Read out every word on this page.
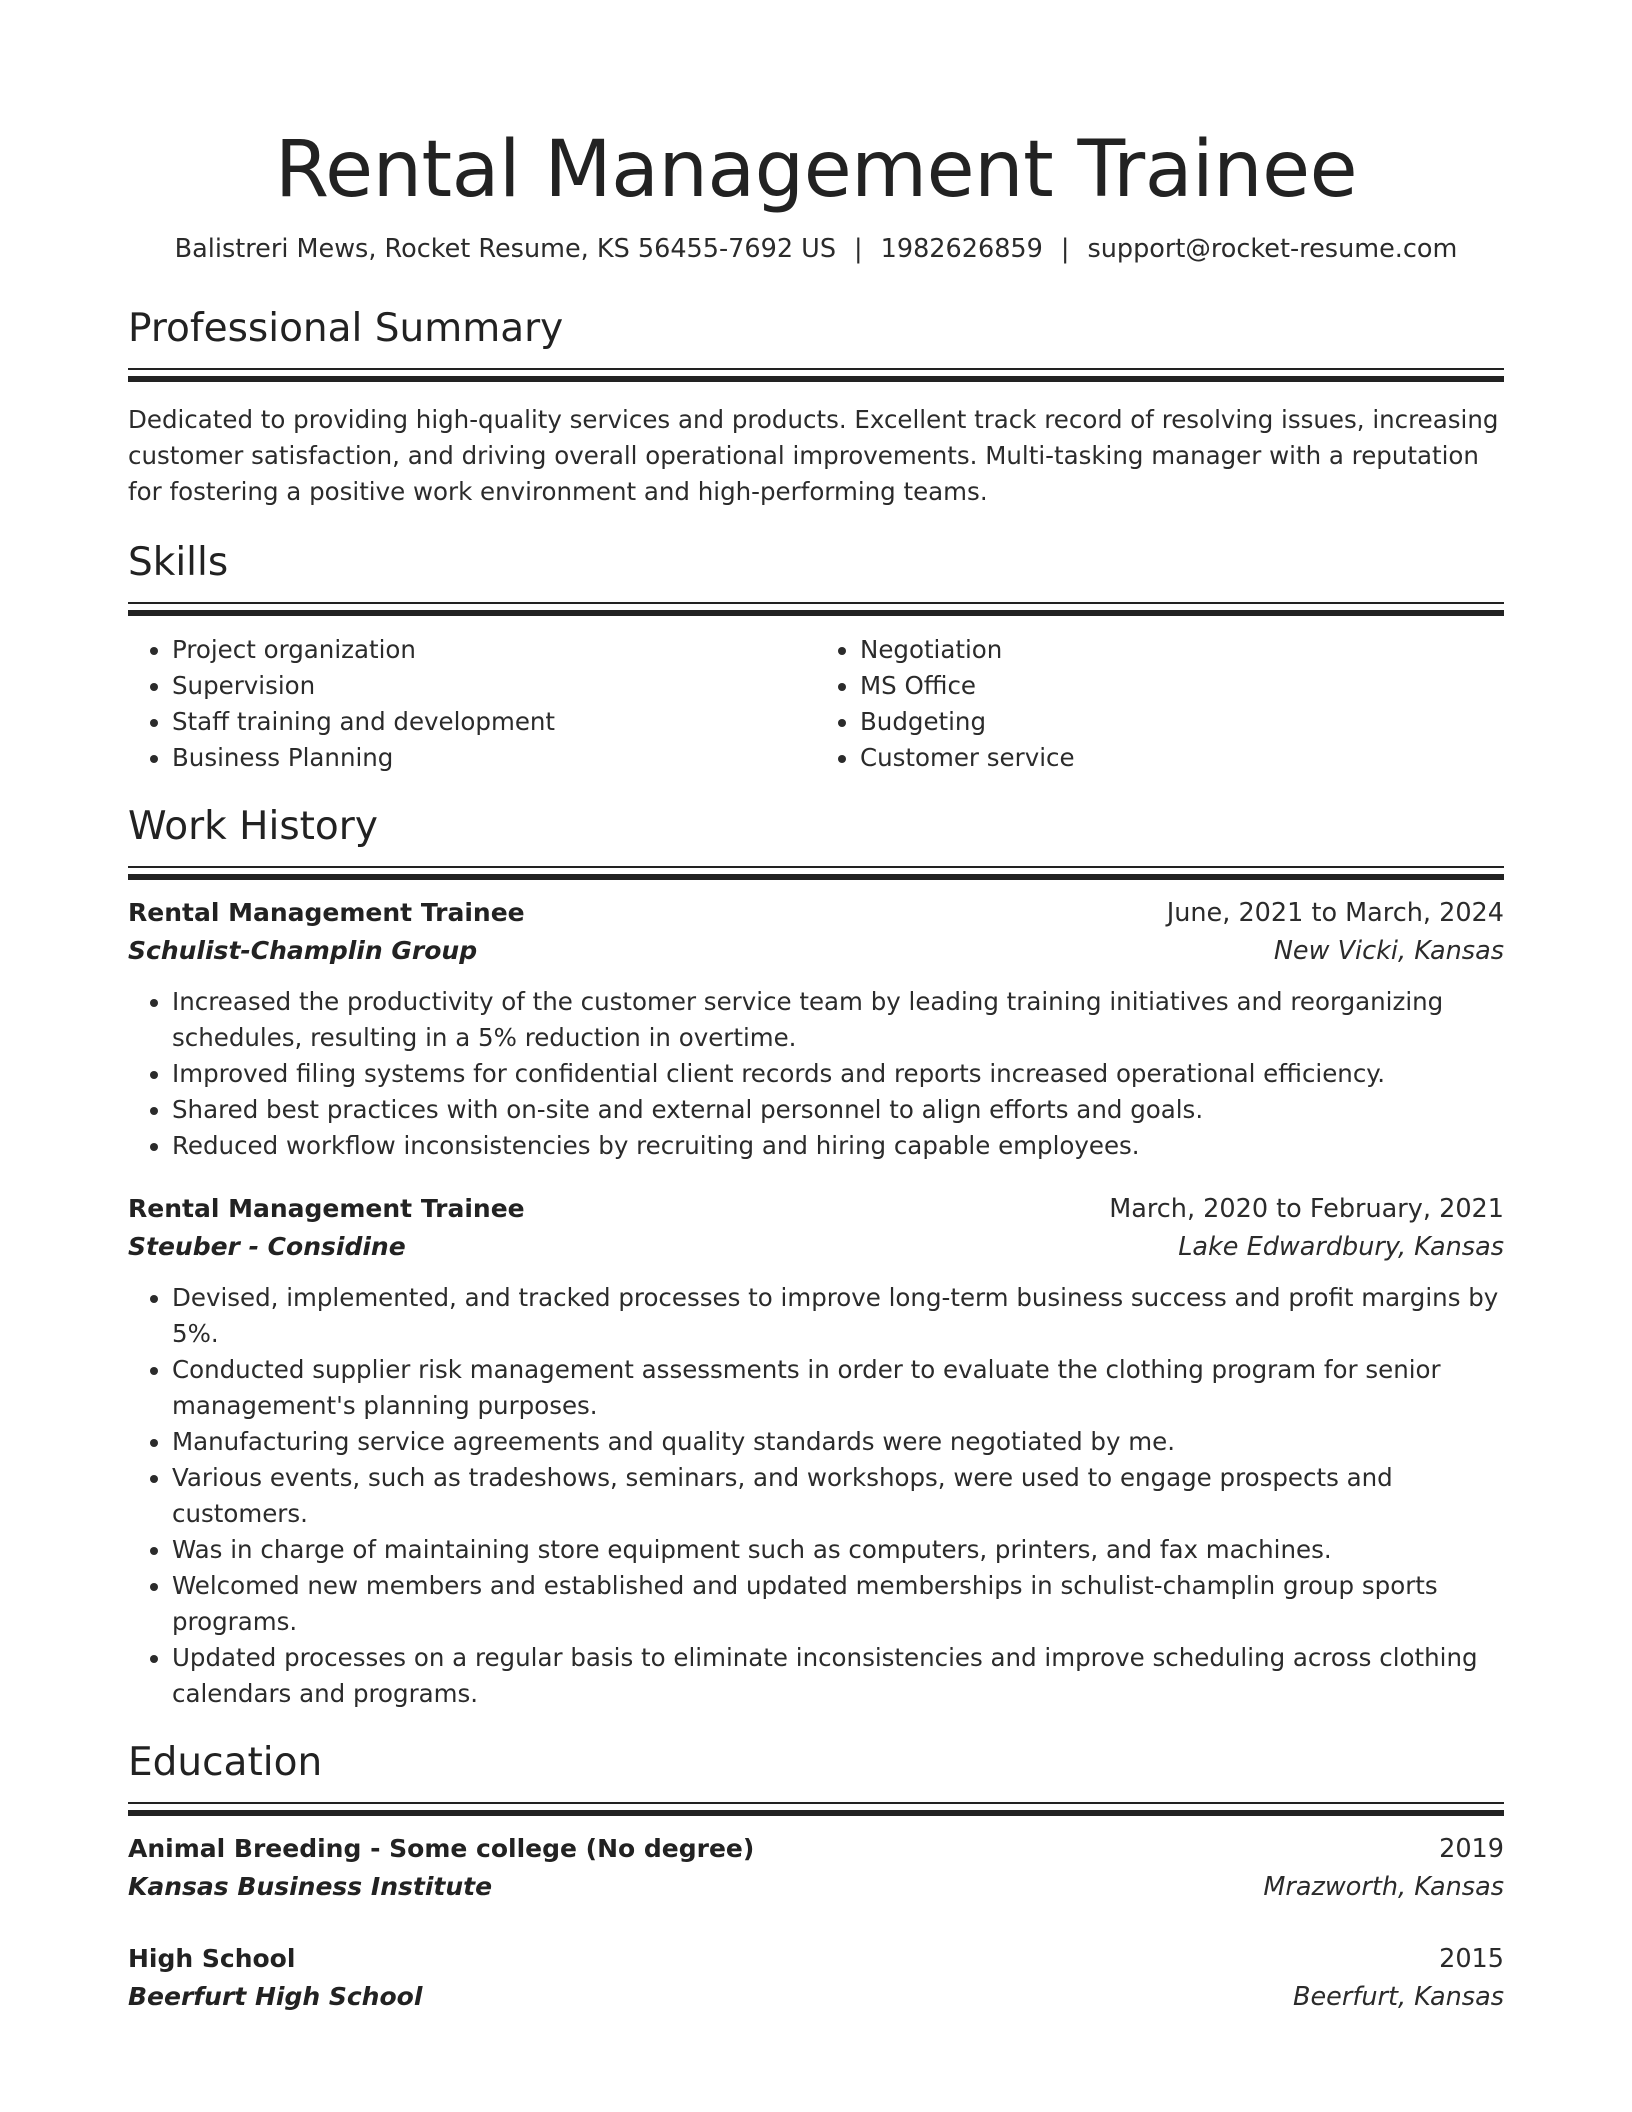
Rental Management Trainee
Balistreri Mews, Rocket Resume, KS 56455-7692 US | 1982626859 | support@rocket-resume.com
Professional Summary

Dedicated to providing high-quality services and products. Excellent track record of resolving issues, increasing customer satisfaction, and driving overall operational improvements. Multi-tasking manager with a reputation for fostering a positive work environment and high-performing teams.

Skills
• Project organization
• Supervision
• Staff training and development
• Business Planning
• Negotiation
• MS Office
• Budgeting
• Customer service
Work History
Rental Management Trainee	June, 2021 to March, 2024
Schulist-Champlin Group	New Vicki, Kansas
• Increased the productivity of the customer service team by leading training initiatives and reorganizing schedules, resulting in a 5% reduction in overtime.
• Improved filing systems for confidential client records and reports increased operational efficiency.
• Shared best practices with on-site and external personnel to align efforts and goals.
• Reduced workflow inconsistencies by recruiting and hiring capable employees.
Rental Management Trainee	March, 2020 to February, 2021
Steuber - Considine	Lake Edwardbury, Kansas
• Devised, implemented, and tracked processes to improve long-term business success and profit margins by 5%.
• Conducted supplier risk management assessments in order to evaluate the clothing program for senior management's planning purposes.
• Manufacturing service agreements and quality standards were negotiated by me.
• Various events, such as tradeshows, seminars, and workshops, were used to engage prospects and customers.
• Was in charge of maintaining store equipment such as computers, printers, and fax machines.
• Welcomed new members and established and updated memberships in schulist-champlin group sports programs.
• Updated processes on a regular basis to eliminate inconsistencies and improve scheduling across clothing calendars and programs.
Education
Animal Breeding - Some college (No degree)	2019
Kansas Business Institute	Mrazworth, Kansas
High School	2015
Beerfurt High School	Beerfurt, Kansas
